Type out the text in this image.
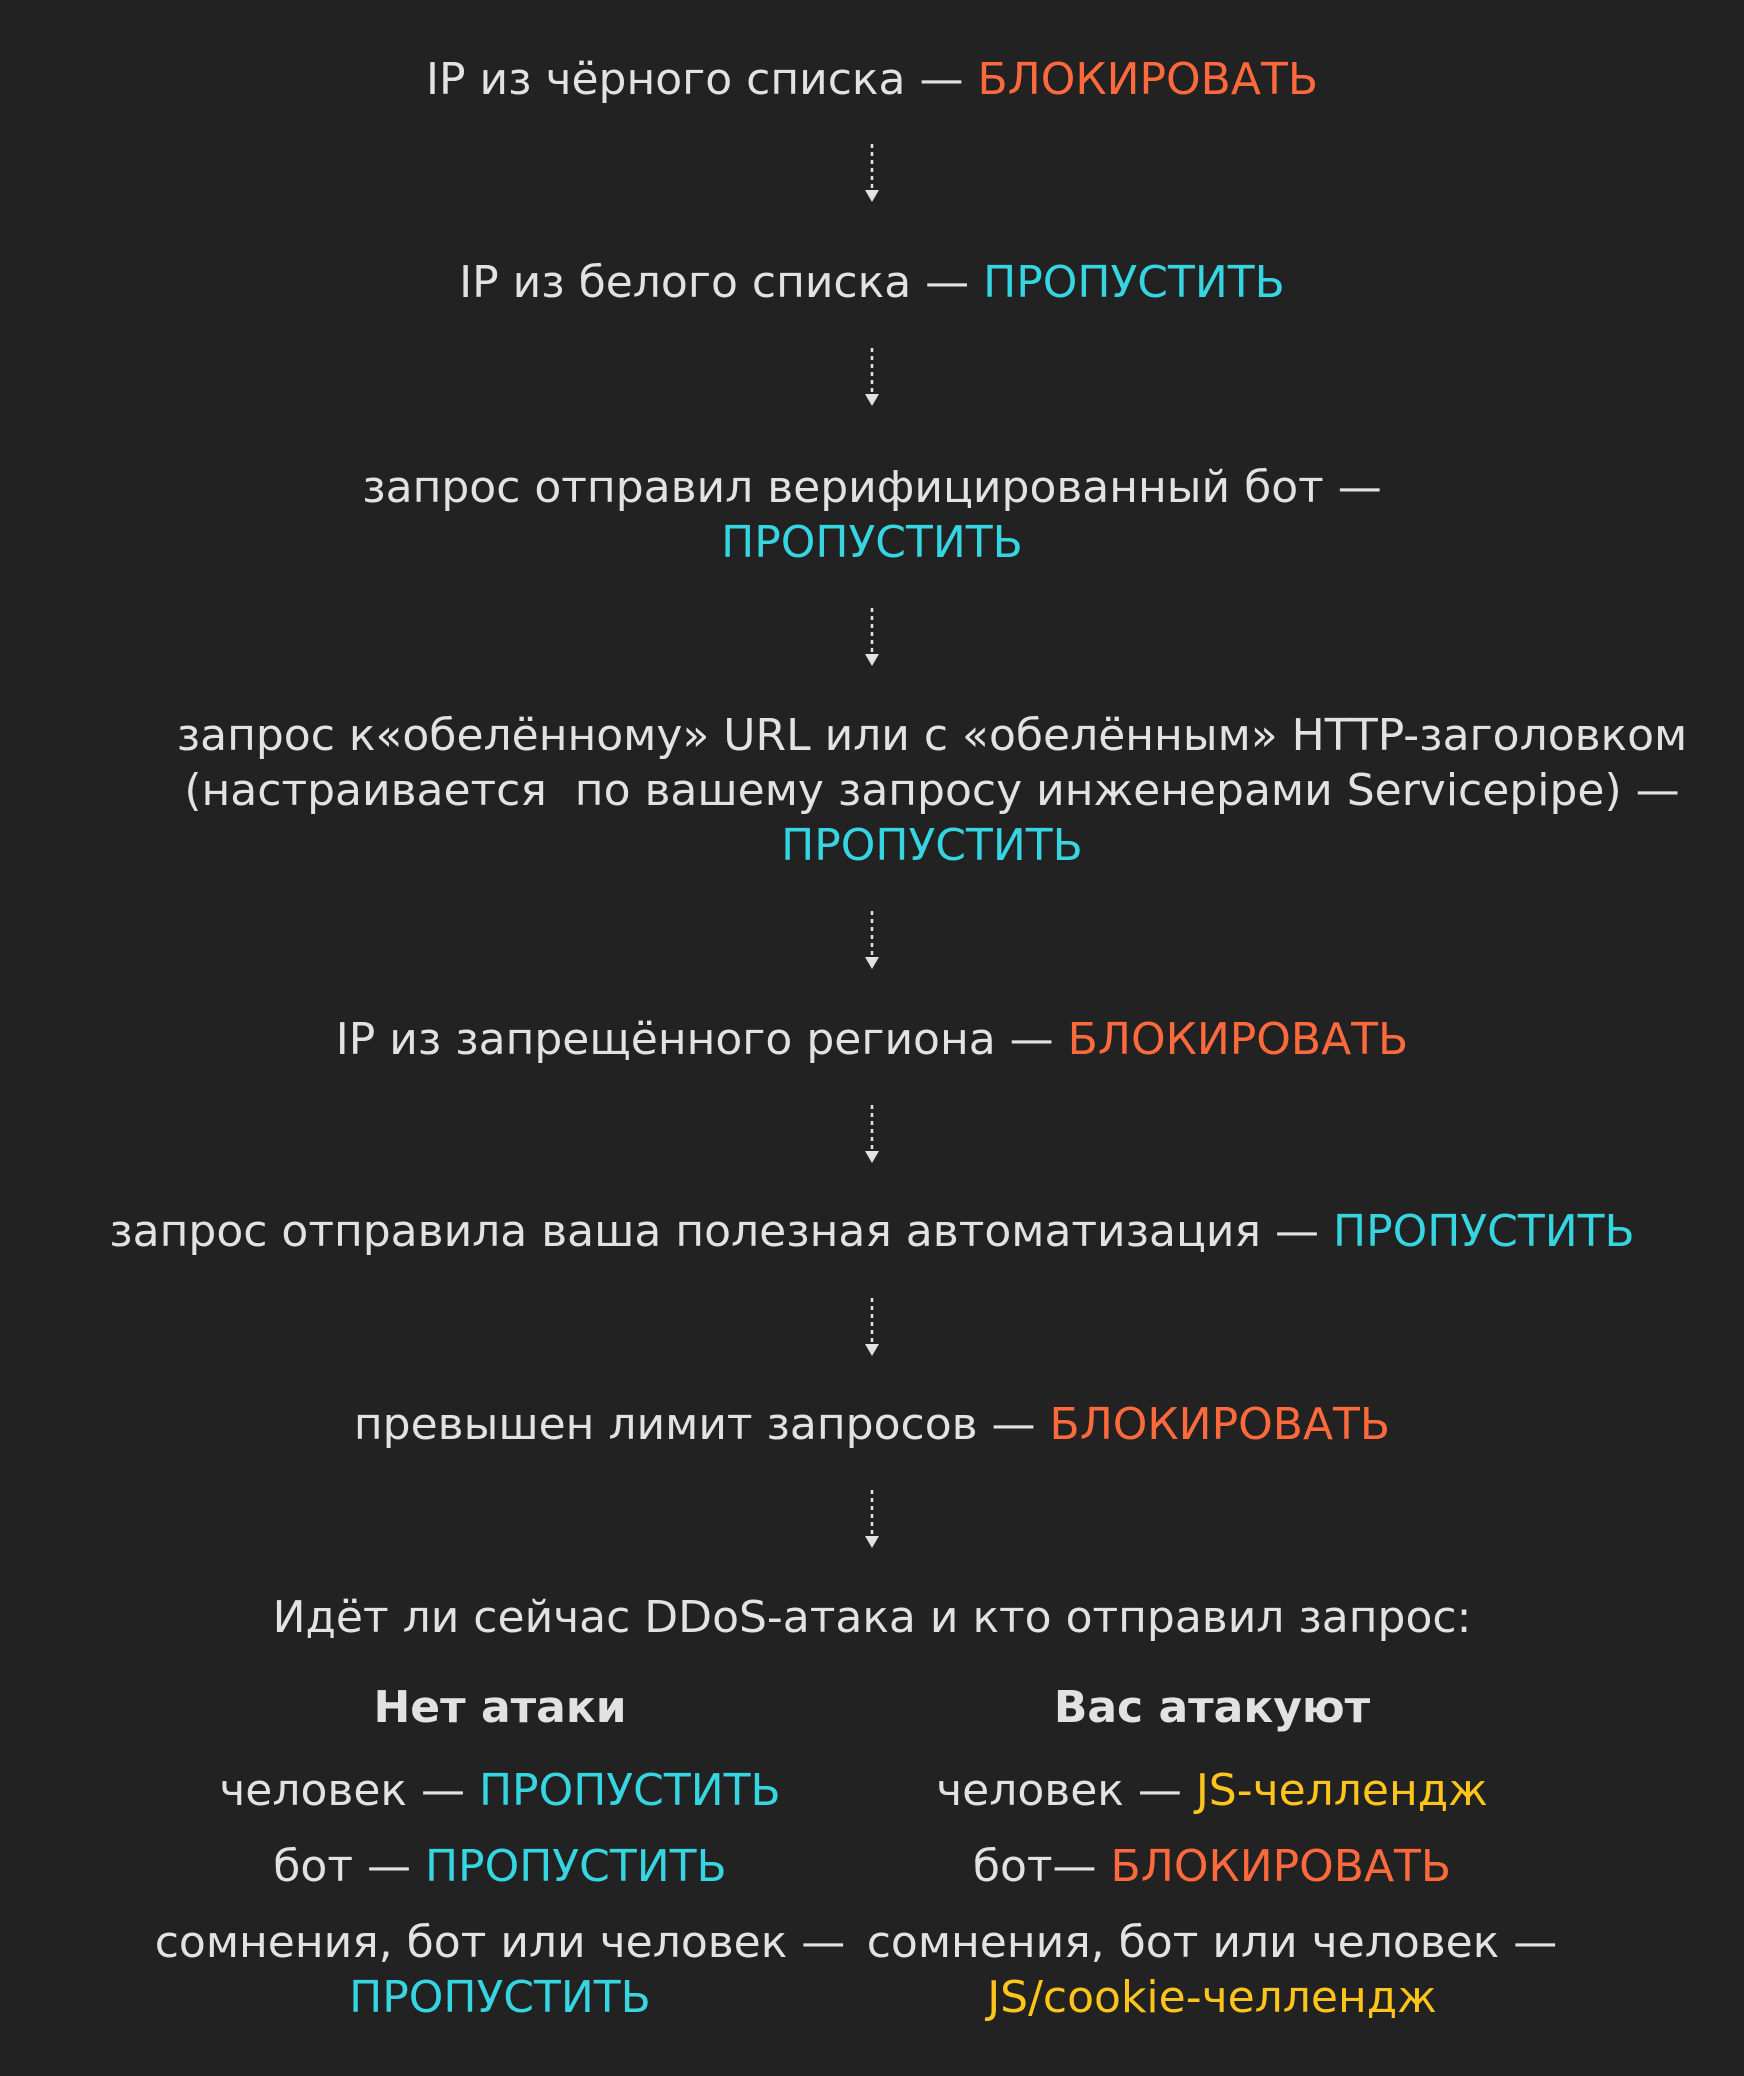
IP из чёрного списка — БЛОКИРОВАТЬ
IP из белого списка — ПРОПУСТИТЬ
запрос отправил верифицированный бот —
ПРОПУСТИТЬ
запрос к«обелённому» URL или с «обелённым» HTTP-заголовком
(настраивается  по вашему запросу инженерами Servicepipe) —
ПРОПУСТИТЬ
IP из запрещённого региона — БЛОКИРОВАТЬ
запрос отправила ваша полезная автоматизация — ПРОПУСТИТЬ
превышен лимит запросов — БЛОКИРОВАТЬ
Идёт ли сейчас DDoS-атака и кто отправил запрос:
Нет атаки
человек — ПРОПУСТИТЬ
бот — ПРОПУСТИТЬ
сомнения, бот или человек —
ПРОПУСТИТЬ
Вас атакуют
человек — JS-челлендж
бот— БЛОКИРОВАТЬ
сомнения, бот или человек —
JS/cookie-челлендж
